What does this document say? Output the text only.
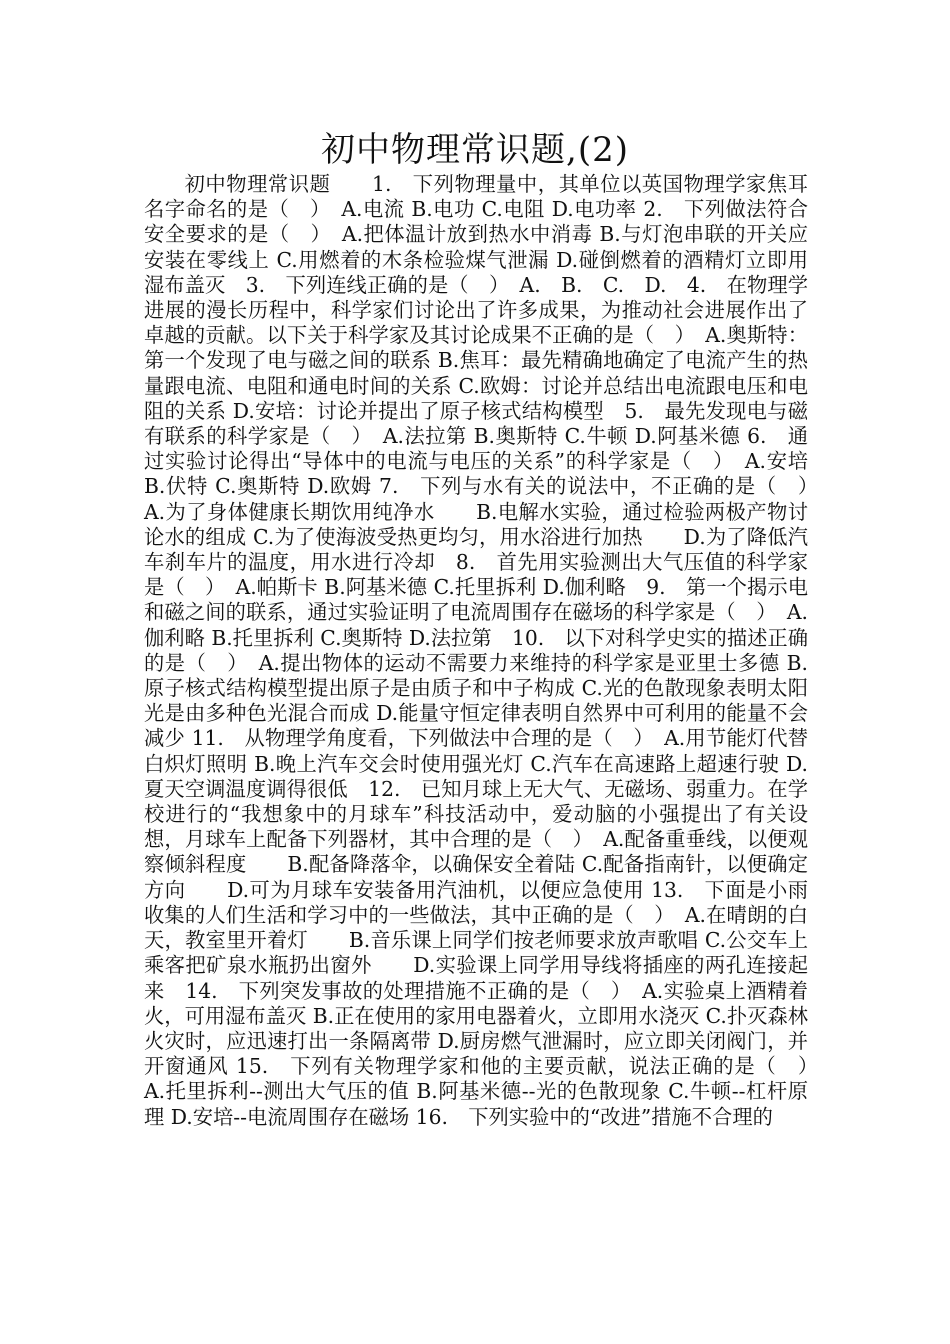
初中物理常识题,(2)

初中物理常识题　　1.　下列物理量中，其单位以英国物理学家焦耳名字命名的是（　）　A.电流 B.电功 C.电阻 D.电功率 2.　下列做法符合安全要求的是（　）　A.把体温计放到热水中消毒 B.与灯泡串联的开关应安装在零线上 C.用燃着的木条检验煤气泄漏 D.碰倒燃着的酒精灯立即用湿布盖灭　3.　下列连线正确的是（　）　A.　B.　C.　D.　4.　在物理学进展的漫长历程中，科学家们讨论出了许多成果，为推动社会进展作出了卓越的贡献。以下关于科学家及其讨论成果不正确的是（　）　A.奥斯特：第一个发现了电与磁之间的联系 B.焦耳：最先精确地确定了电流产生的热量跟电流、电阻和通电时间的关系 C.欧姆：讨论并总结出电流跟电压和电阻的关系 D.安培：讨论并提出了原子核式结构模型　5.　最先发现电与磁有联系的科学家是（　）　A.法拉第 B.奥斯特 C.牛顿 D.阿基米德 6.　通过实验讨论得出“导体中的电流与电压的关系”的科学家是（　）　A.安培 B.伏特 C.奥斯特 D.欧姆 7.　下列与水有关的说法中，不正确的是（　）　A.为了身体健康长期饮用纯净水　　B.电解水实验，通过检验两极产物讨论水的组成 C.为了使海波受热更均匀，用水浴进行加热　　D.为了降低汽车刹车片的温度，用水进行冷却　8.　首先用实验测出大气压值的科学家是（　）　A.帕斯卡 B.阿基米德 C.托里拆利 D.伽利略　9.　第一个揭示电和磁之间的联系，通过实验证明了电流周围存在磁场的科学家是（　）　A.伽利略 B.托里拆利 C.奥斯特 D.法拉第　10.　以下对科学史实的描述正确的是（　）　A.提出物体的运动不需要力来维持的科学家是亚里士多德 B.原子核式结构模型提出原子是由质子和中子构成 C.光的色散现象表明太阳光是由多种色光混合而成 D.能量守恒定律表明自然界中可利用的能量不会减少 11.　从物理学角度看，下列做法中合理的是（　）　A.用节能灯代替白炽灯照明 B.晚上汽车交会时使用强光灯 C.汽车在高速路上超速行驶 D.夏天空调温度调得很低　12.　已知月球上无大气、无磁场、弱重力。在学校进行的“我想象中的月球车”科技活动中，爱动脑的小强提出了有关设想，月球车上配备下列器材，其中合理的是（　）　A.配备重垂线，以便观察倾斜程度　　B.配备降落伞，以确保安全着陆 C.配备指南针，以便确定方向　　D.可为月球车安装备用汽油机，以便应急使用 13.　下面是小雨收集的人们生活和学习中的一些做法，其中正确的是（　）　A.在晴朗的白天，教室里开着灯　　B.音乐课上同学们按老师要求放声歌唱 C.公交车上乘客把矿泉水瓶扔出窗外　　D.实验课上同学用导线将插座的两孔连接起来　14.　下列突发事故的处理措施不正确的是（　）　A.实验桌上酒精着火，可用湿布盖灭 B.正在使用的家用电器着火，立即用水浇灭 C.扑灭森林火灾时，应迅速打出一条隔离带 D.厨房燃气泄漏时，应立即关闭阀门，并开窗通风 15.　下列有关物理学家和他的主要贡献，说法正确的是（　）　A.托里拆利--测出大气压的值 B.阿基米德--光的色散现象 C.牛顿--杠杆原理 D.安培--电流周围存在磁场 16.　下列实验中的“改进”措施不合理的
